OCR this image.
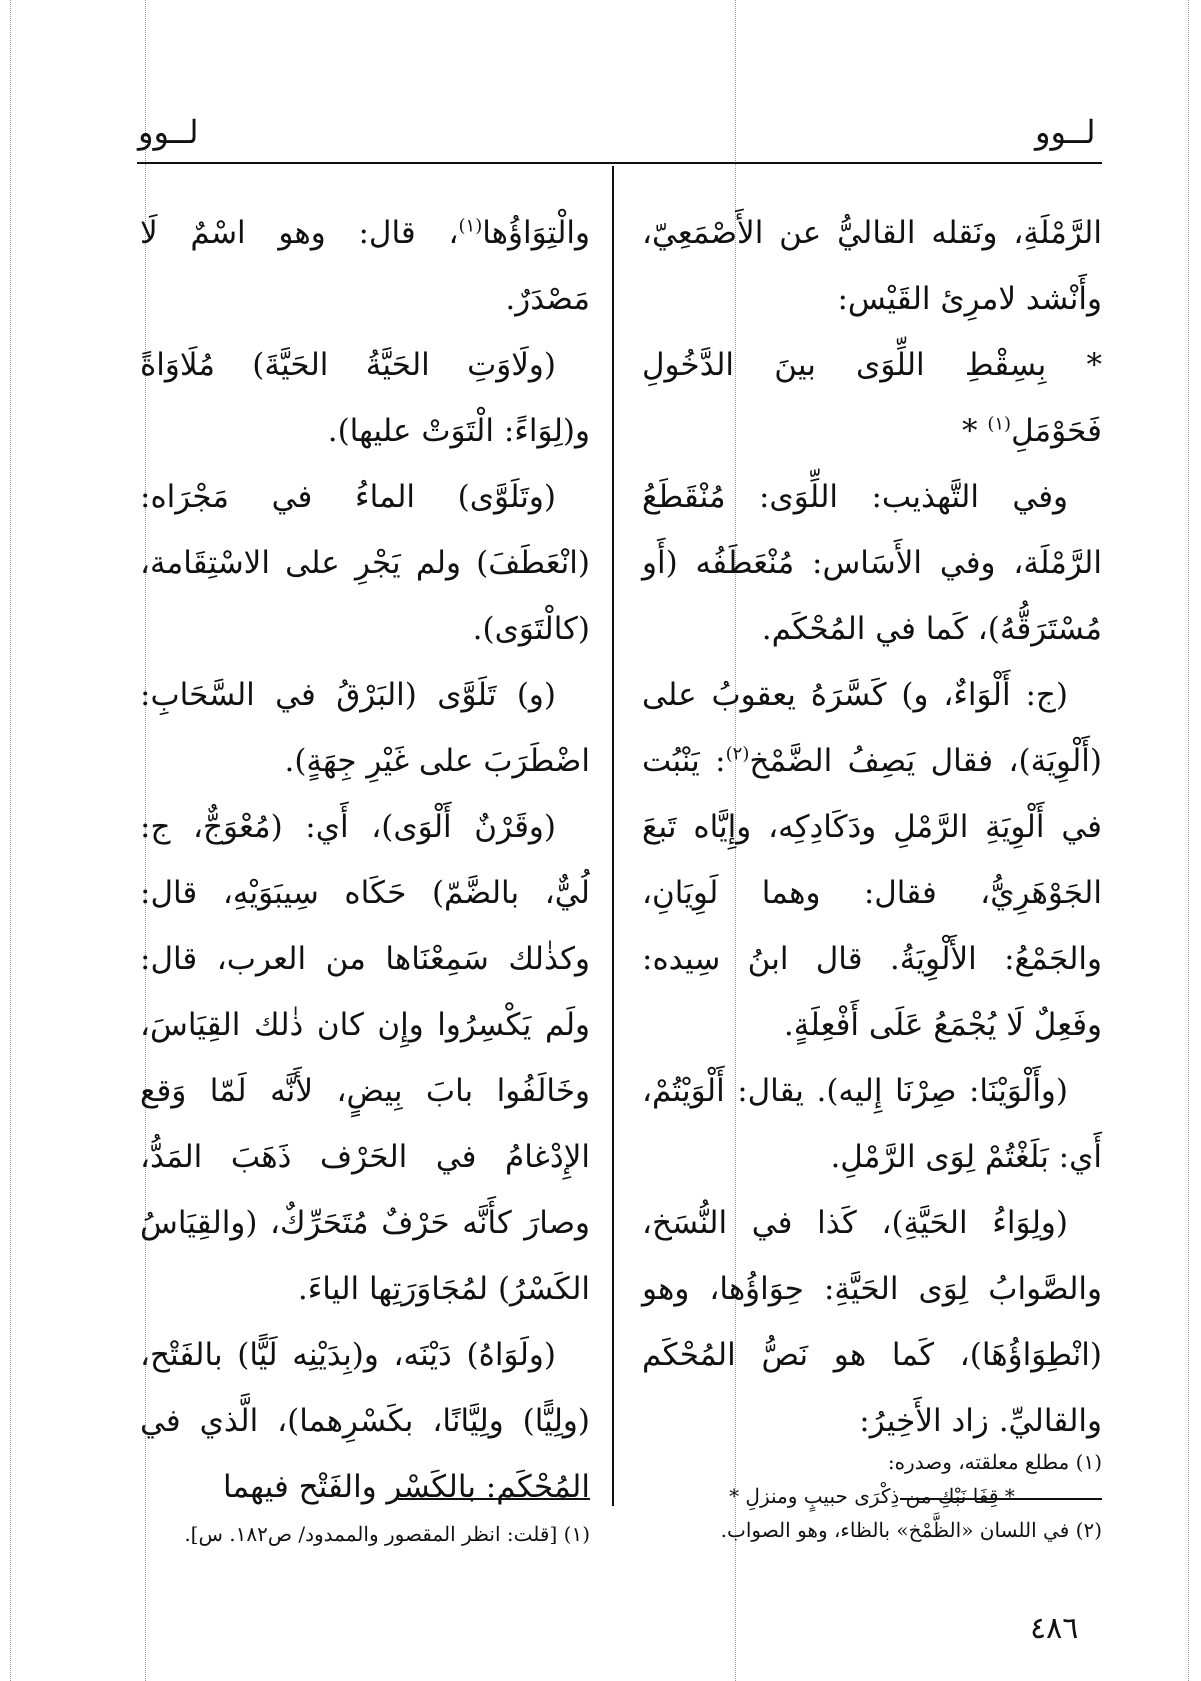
لــوو
لــوو

الرَّمْلَةِ، ونَقله القاليُّ عن الأَصْمَعِيّ، وأَنْشد لامرِئ القَيْس:

* بِسِقْطِ اللِّوَى بينَ الدَّخُولِ فَحَوْمَلِ$^{(١)}$ *

وفي التَّهذيب: اللِّوَى: مُنْقَطَعُ الرَّمْلَة، وفي الأَسَاس: مُنْعَطَفُه (أَو مُسْتَرَقُّهُ)، كَما في المُحْكَم.

(ج: أَلْوَاءٌ، و) كَسَّرَهُ يعقوبُ على (أَلْوِيَة)، فقال يَصِفُ الضَّمْخ$^{(٢)}$: يَنْبُت في أَلْوِيَةِ الرَّمْلِ ودَكَادِكِه، وإِيَّاه تَبعَ الجَوْهَرِيُّ، فقال: وهما لَوِيَانِ، والجَمْعُ: الأَلْوِيَةُ. قال ابنُ سِيده: وفَعِلٌ لَا يُجْمَعُ عَلَى أَفْعِلَةٍ.

(وأَلْوَيْنَا: صِرْنَا إِليه). يقال: أَلْوَيْتُمْ، أَي: بَلَغْتُمْ لِوَى الرَّمْلِ.

(ولِوَاءُ الحَيَّةِ)، كَذا في النُّسَخ، والصَّوابُ لِوَى الحَيَّةِ: حِوَاؤُها، وهو (انْطِوَاؤُهَا)، كَما هو نَصُّ المُحْكَم والقاليِّ. زاد الأَخِيرُ:

والْتِوَاؤُها$^{(١)}$، قال: وهو اسْمٌ لَا مَصْدَرٌ.

(ولَاوَتِ الحَيَّةُ الحَيَّةَ) مُلَاوَاةً و(لِوَاءً: الْتَوَتْ عليها).

(وتَلَوَّى) الماءُ في مَجْرَاه: (انْعَطَفَ) ولم يَجْرِ على الاسْتِقَامة، (كالْتَوَى).

(و) تَلَوَّى (البَرْقُ في السَّحَابِ: اضْطَرَبَ على غَيْرِ جِهَةٍ).

(وقَرْنٌ أَلْوَى)، أَي: (مُعْوَجٌّ، ج: لُيٌّ، بالضَّمّ) حَكَاه سِيبَوَيْهِ، قال: وكذٰلك سَمِعْنَاها من العرب، قال: ولَم يَكْسِرُوا وإِن كان ذٰلك القِيَاسَ، وخَالَفُوا بابَ بِيضٍ، لأَنَّه لَمّا وَقع الإِدْغامُ في الحَرْف ذَهَبَ المَدُّ، وصارَ كأَنَّه حَرْفٌ مُتَحَرِّكٌ، (والقِيَاسُ الكَسْرُ) لمُجَاوَرَتِها الياءَ.

(ولَوَاهُ) دَيْنَه، و(بِدَيْنِه لَيًّا) بالفَتْح، (ولِيًّا) ولِيَّانًا، بكَسْرِهما)، الَّذي في المُحْكَم: بالكَسْر والفَتْح فيهما

(١) مطلع معلقته، وصدره:

* قِفَا نَبْكِ من ذِكْرَى حبيبٍ ومنزلِ *

(٢) في اللسان «الظَّمْخ» بالظاء، وهو الصواب.

(١) [قلت: انظر المقصور والممدود/ ص١٨٢. س].

٤٨٦
